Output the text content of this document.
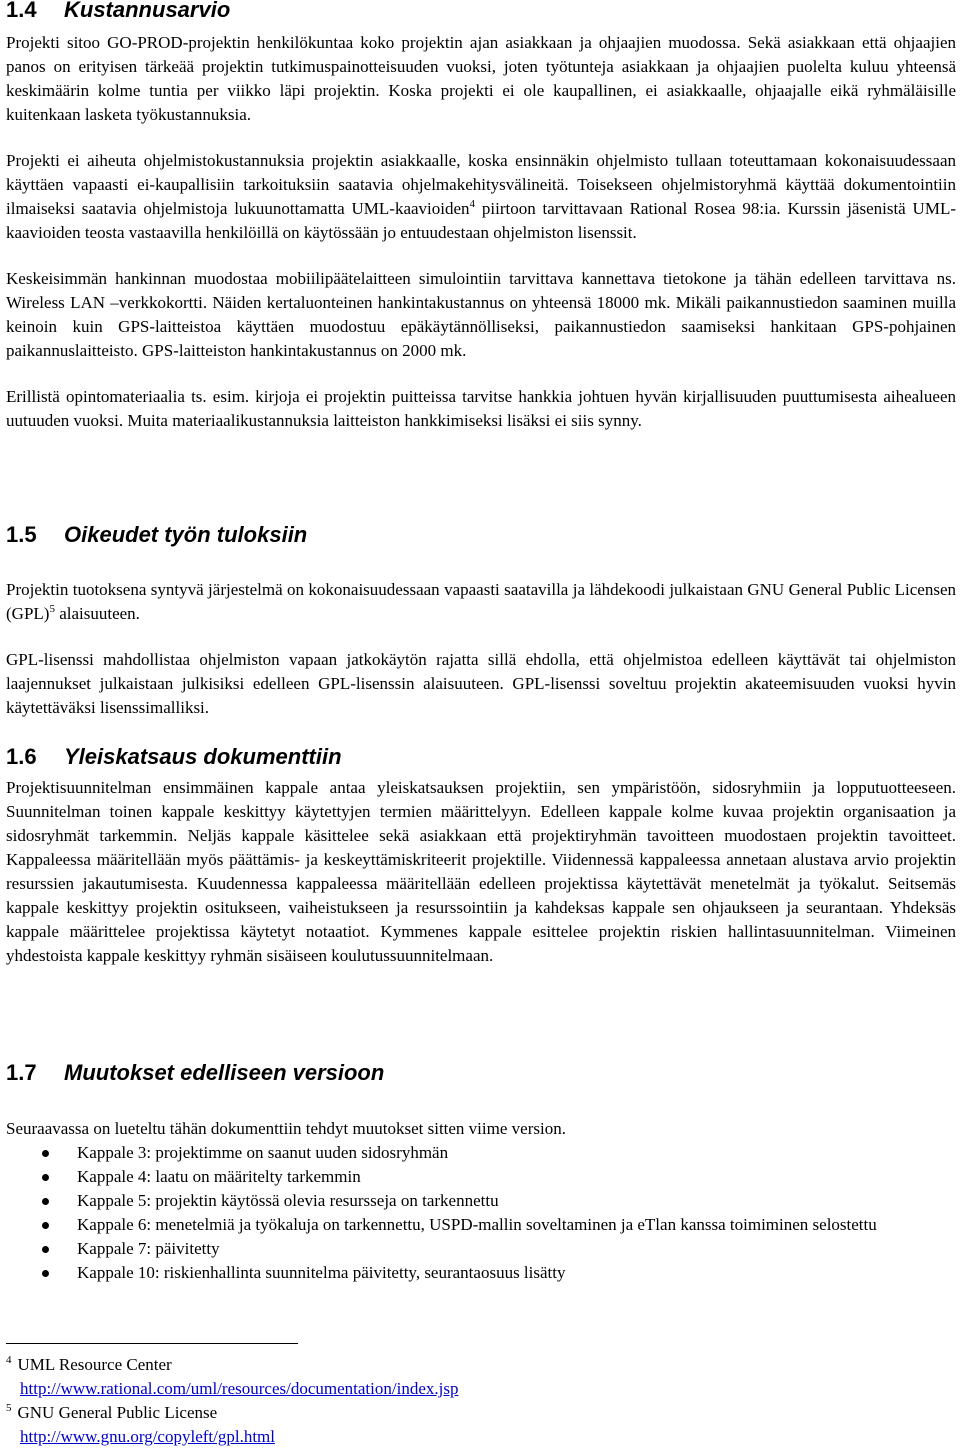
1.4 Kustannusarvio

Projekti sitoo GO-PROD-projektin henkilökuntaa koko projektin ajan asiakkaan ja ohjaajien muodossa. Sekä asiakkaan että ohjaajien panos on erityisen tärkeää projektin tutkimuspainotteisuuden vuoksi, joten työtunteja asiakkaan ja ohjaajien puolelta kuluu yhteensä keskimäärin kolme tuntia per viikko läpi projektin. Koska projekti ei ole kaupallinen, ei asiakkaalle, ohjaajalle eikä ryhmäläisille kuitenkaan lasketa työkustannuksia.

Projekti ei aiheuta ohjelmistokustannuksia projektin asiakkaalle, koska ensinnäkin ohjelmisto tullaan toteuttamaan kokonaisuudessaan käyttäen vapaasti ei-kaupallisiin tarkoituksiin saatavia ohjelmakehitysvälineitä. Toisekseen ohjelmistoryhmä käyttää dokumentointiin ilmaiseksi saatavia ohjelmistoja lukuunottamatta UML-kaavioiden$^4$ piirtoon tarvittavaan Rational Rosea 98:ia. Kurssin jäsenistä UML-kaavioiden teosta vastaavilla henkilöillä on käytössään jo entuudestaan ohjelmiston lisenssit.

Keskeisimmän hankinnan muodostaa mobiilipäätelaitteen simulointiin tarvittava kannettava tietokone ja tähän edelleen tarvittava ns. Wireless LAN –verkkokortti. Näiden kertaluonteinen hankintakustannus on yhteensä 18000 mk. Mikäli paikannustiedon saaminen muilla keinoin kuin GPS-laitteistoa käyttäen muodostuu epäkäytännölliseksi, paikannustiedon saamiseksi hankitaan GPS-pohjainen paikannuslaitteisto. GPS-laitteiston hankintakustannus on 2000 mk.

Erillistä opintomateriaalia ts. esim. kirjoja ei projektin puitteissa tarvitse hankkia johtuen hyvän kirjallisuuden puuttumisesta aihealueen uutuuden vuoksi. Muita materiaalikustannuksia laitteiston hankkimiseksi lisäksi ei siis synny.

1.5 Oikeudet työn tuloksiin

Projektin tuotoksena syntyvä järjestelmä on kokonaisuudessaan vapaasti saatavilla ja lähdekoodi julkaistaan GNU General Public Licensen (GPL)$^5$ alaisuuteen.

GPL-lisenssi mahdollistaa ohjelmiston vapaan jatkokäytön rajatta sillä ehdolla, että ohjelmistoa edelleen käyttävät tai ohjelmiston laajennukset julkaistaan julkisiksi edelleen GPL-lisenssin alaisuuteen. GPL-lisenssi soveltuu projektin akateemisuuden vuoksi hyvin käytettäväksi lisenssimalliksi.

1.6 Yleiskatsaus dokumenttiin

Projektisuunnitelman ensimmäinen kappale antaa yleiskatsauksen projektiin, sen ympäristöön, sidosryhmiin ja lopputuotteeseen. Suunnitelman toinen kappale keskittyy käytettyjen termien määrittelyyn. Edelleen kappale kolme kuvaa projektin organisaation ja sidosryhmät tarkemmin. Neljäs kappale käsittelee sekä asiakkaan että projektiryhmän tavoitteen muodostaen projektin tavoitteet. Kappaleessa määritellään myös päättämis- ja keskeyttämiskriteerit projektille. Viidennessä kappaleessa annetaan alustava arvio projektin resurssien jakautumisesta. Kuudennessa kappaleessa määritellään edelleen projektissa käytettävät menetelmät ja työkalut. Seitsemäs kappale keskittyy projektin ositukseen, vaiheistukseen ja resurssointiin ja kahdeksas kappale sen ohjaukseen ja seurantaan. Yhdeksäs kappale määrittelee projektissa käytetyt notaatiot. Kymmenes kappale esittelee projektin riskien hallintasuunnitelman. Viimeinen yhdestoista kappale keskittyy ryhmän sisäiseen koulutussuunnitelmaan.

1.7 Muutokset edelliseen versioon

Seuraavassa on lueteltu tähän dokumenttiin tehdyt muutokset sitten viime version.

Kappale 3: projektimme on saanut uuden sidosryhmän
Kappale 4: laatu on määritelty tarkemmin
Kappale 5: projektin käytössä olevia resursseja on tarkennettu
Kappale 6: menetelmiä ja työkaluja on tarkennettu, USPD-mallin soveltaminen ja eTlan kanssa toimiminen selostettu
Kappale 7: päivitetty
Kappale 10: riskienhallinta suunnitelma päivitetty, seurantaosuus lisätty
$^4$ UML Resource Center
http://www.rational.com/uml/resources/documentation/index.jsp
$^5$ GNU General Public License
http://www.gnu.org/copyleft/gpl.html
